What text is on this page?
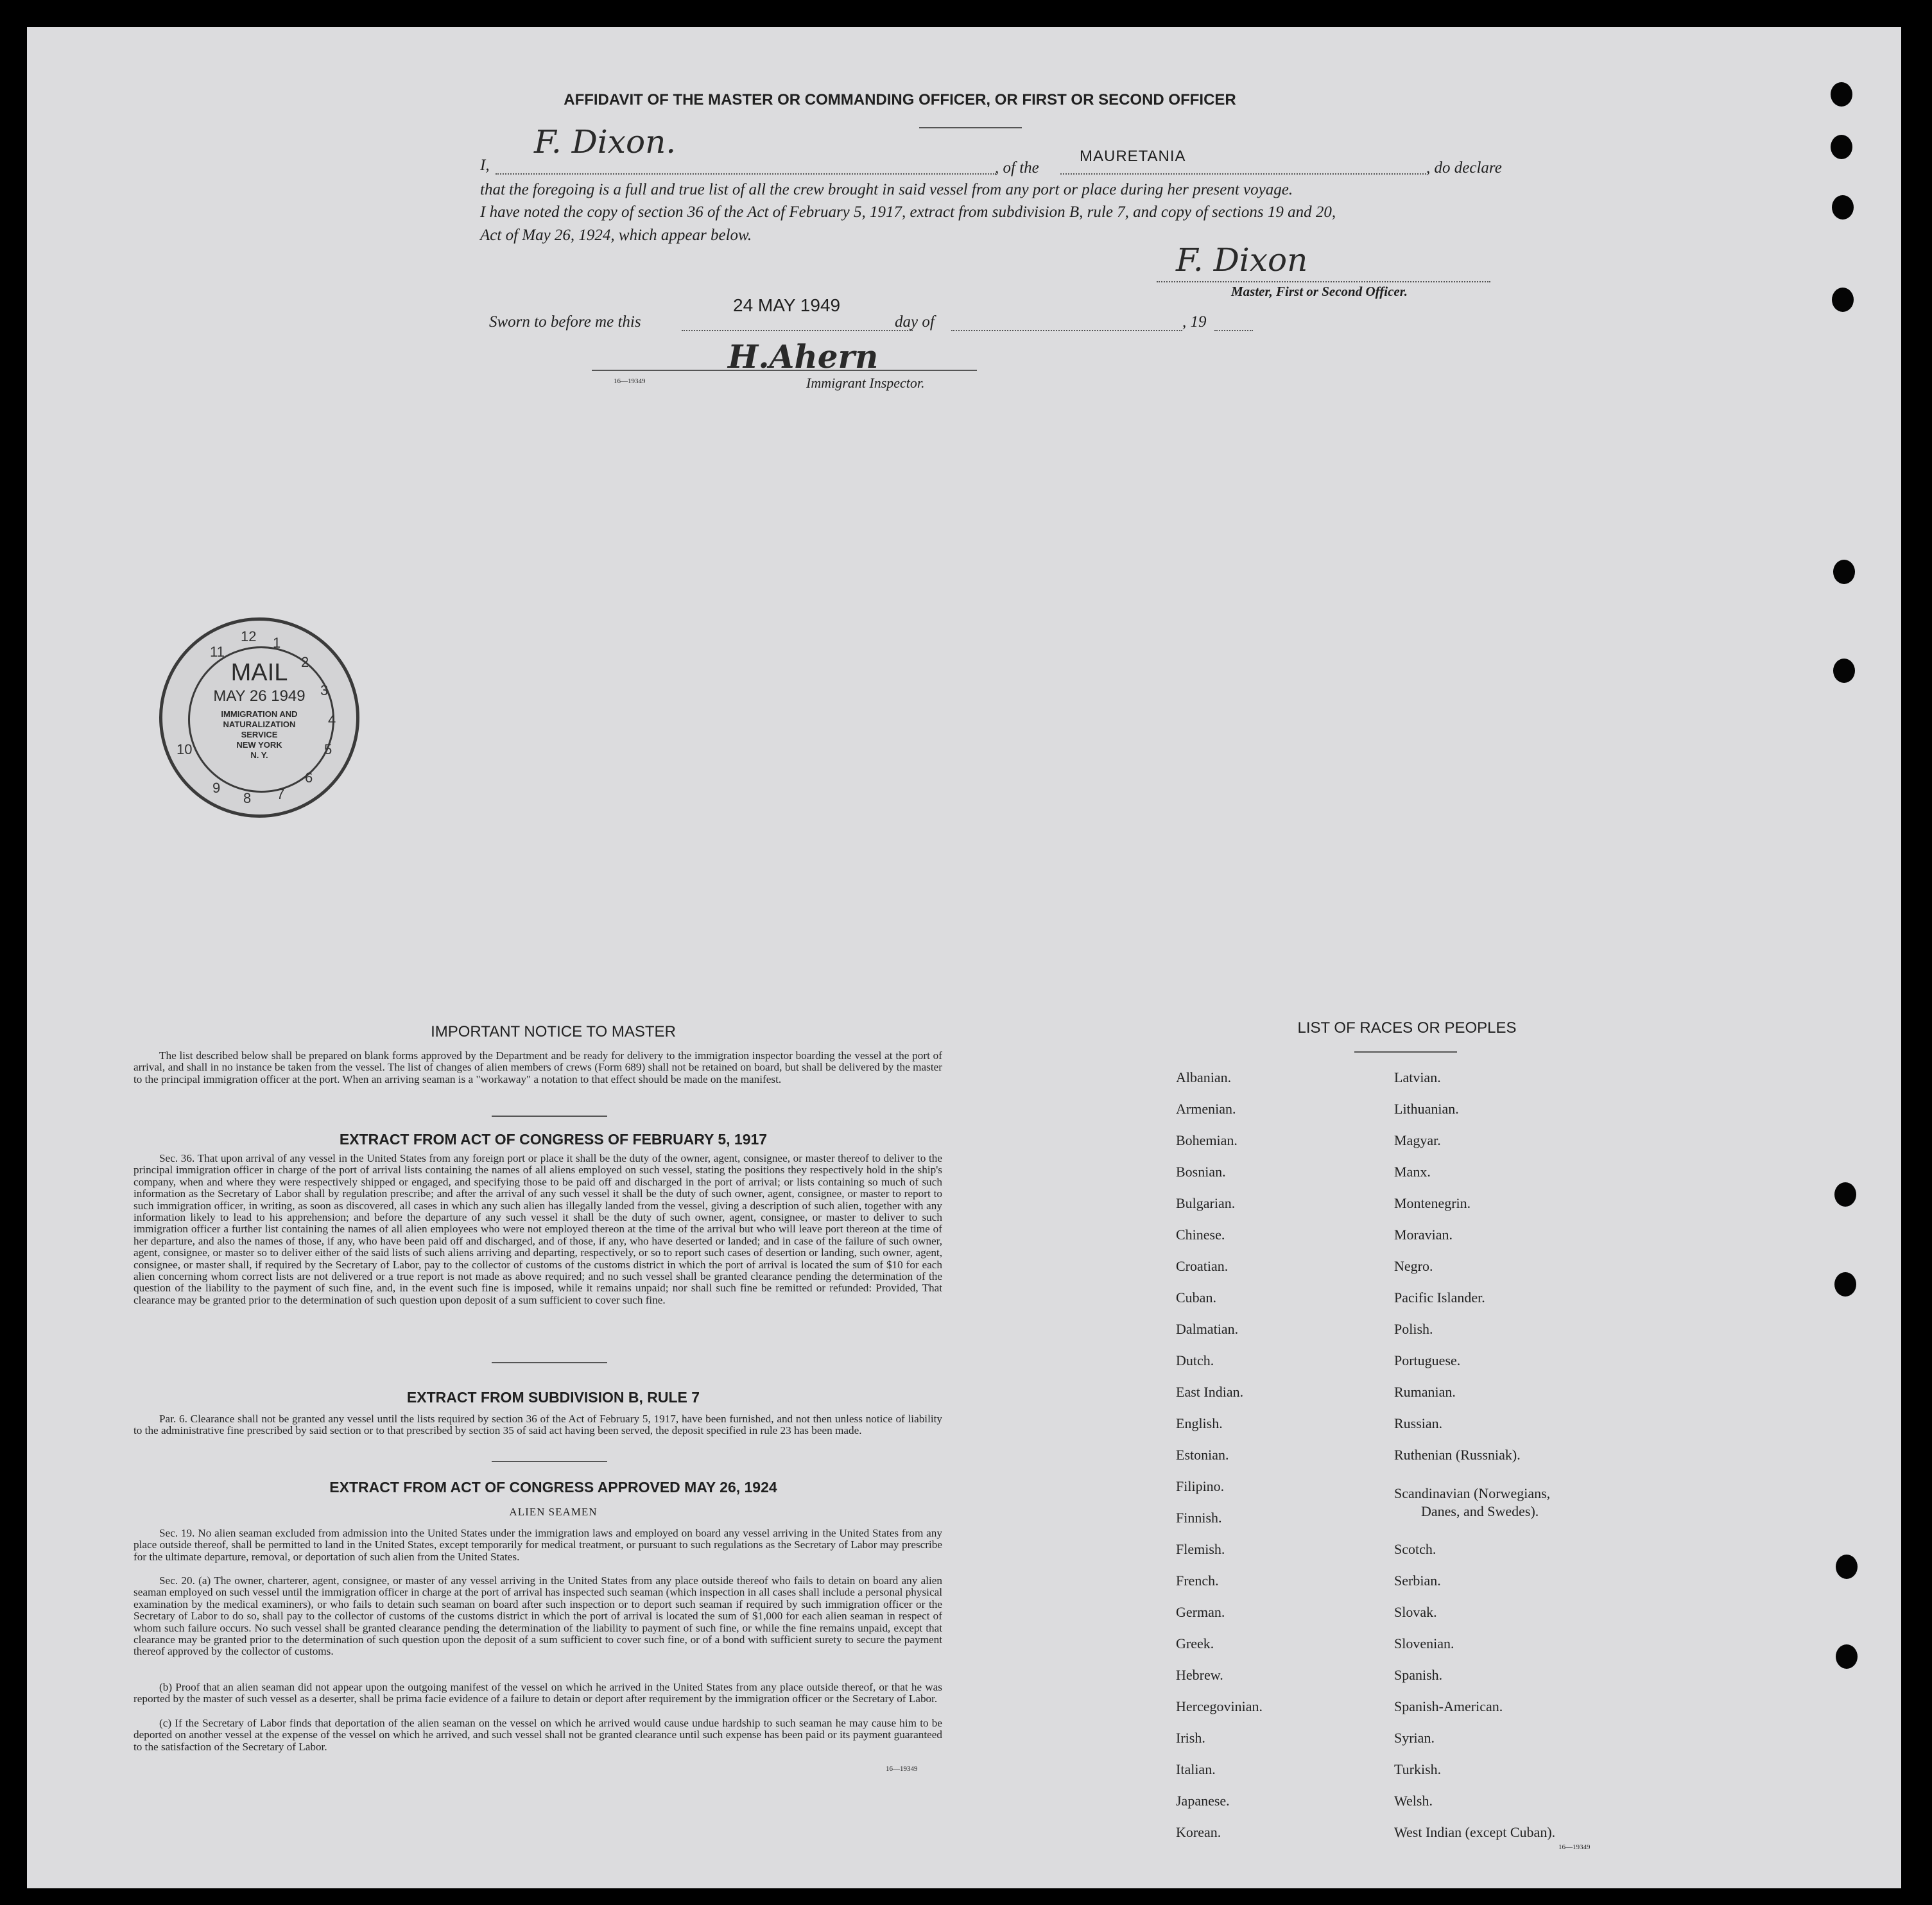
AFFIDAVIT OF THE MASTER OR COMMANDING OFFICER, OR FIRST OR SECOND OFFICER
I,
F. Dixon.
, of the
MAURETANIA
, do declare
that the foregoing is a full and true list of all the crew brought in said vessel from any port or place during her present voyage.
I have noted the copy of section 36 of the Act of February 5, 1917, extract from subdivision B, rule 7, and copy of sections 19 and 20,
Act of May 26, 1924, which appear below.
F. Dixon
Master, First or Second Officer.
Sworn to before me this
24 MAY 1949
day of	, 19
H.Ahern
16—19349	Immigrant Inspector.
12 1
2
3
4
5
6
7
8
9
10
11
MAIL
MAY 26 1949
IMMIGRATION AND
NATURALIZATION
SERVICE
NEW YORK
N. Y.
IMPORTANT NOTICE TO MASTER
The list described below shall be prepared on blank forms approved by the Department and be ready for delivery to the immigration inspector boarding the vessel at the port of arrival, and shall in no instance be taken from the vessel. The list of changes of alien members of crews (Form 689) shall not be retained on board, but shall be delivered by the master to the principal immigration officer at the port. When an arriving seaman is a "workaway" a notation to that effect should be made on the manifest.
EXTRACT FROM ACT OF CONGRESS OF FEBRUARY 5, 1917
Sec. 36. That upon arrival of any vessel in the United States from any foreign port or place it shall be the duty of the owner, agent, consignee, or master thereof to deliver to the principal immigration officer in charge of the port of arrival lists containing the names of all aliens employed on such vessel, stating the positions they respectively hold in the ship's company, when and where they were respectively shipped or engaged, and specifying those to be paid off and discharged in the port of arrival; or lists containing so much of such information as the Secretary of Labor shall by regulation prescribe; and after the arrival of any such vessel it shall be the duty of such owner, agent, consignee, or master to report to such immigration officer, in writing, as soon as discovered, all cases in which any such alien has illegally landed from the vessel, giving a description of such alien, together with any information likely to lead to his apprehension; and before the departure of any such vessel it shall be the duty of such owner, agent, consignee, or master to deliver to such immigration officer a further list containing the names of all alien employees who were not employed thereon at the time of the arrival but who will leave port thereon at the time of her departure, and also the names of those, if any, who have been paid off and discharged, and of those, if any, who have deserted or landed; and in case of the failure of such owner, agent, consignee, or master so to deliver either of the said lists of such aliens arriving and departing, respectively, or so to report such cases of desertion or landing, such owner, agent, consignee, or master shall, if required by the Secretary of Labor, pay to the collector of customs of the customs district in which the port of arrival is located the sum of $10 for each alien concerning whom correct lists are not delivered or a true report is not made as above required; and no such vessel shall be granted clearance pending the determination of the question of the liability to the payment of such fine, and, in the event such fine is imposed, while it remains unpaid; nor shall such fine be remitted or refunded: Provided, That clearance may be granted prior to the determination of such question upon deposit of a sum sufficient to cover such fine.
EXTRACT FROM SUBDIVISION B, RULE 7
Par. 6. Clearance shall not be granted any vessel until the lists required by section 36 of the Act of February 5, 1917, have been furnished, and not then unless notice of liability to the administrative fine prescribed by said section or to that prescribed by section 35 of said act having been served, the deposit specified in rule 23 has been made.
EXTRACT FROM ACT OF CONGRESS APPROVED MAY 26, 1924
ALIEN SEAMEN
Sec. 19. No alien seaman excluded from admission into the United States under the immigration laws and employed on board any vessel arriving in the United States from any place outside thereof, shall be permitted to land in the United States, except temporarily for medical treatment, or pursuant to such regulations as the Secretary of Labor may prescribe for the ultimate departure, removal, or deportation of such alien from the United States.
Sec. 20. (a) The owner, charterer, agent, consignee, or master of any vessel arriving in the United States from any place outside thereof who fails to detain on board any alien seaman employed on such vessel until the immigration officer in charge at the port of arrival has inspected such seaman (which inspection in all cases shall include a personal physical examination by the medical examiners), or who fails to detain such seaman on board after such inspection or to deport such seaman if required by such immigration officer or the Secretary of Labor to do so, shall pay to the collector of customs of the customs district in which the port of arrival is located the sum of $1,000 for each alien seaman in respect of whom such failure occurs. No such vessel shall be granted clearance pending the determination of the liability to payment of such fine, or while the fine remains unpaid, except that clearance may be granted prior to the determination of such question upon the deposit of a sum sufficient to cover such fine, or of a bond with sufficient surety to secure the payment thereof approved by the collector of customs.
(b) Proof that an alien seaman did not appear upon the outgoing manifest of the vessel on which he arrived in the United States from any place outside thereof, or that he was reported by the master of such vessel as a deserter, shall be prima facie evidence of a failure to detain or deport after requirement by the immigration officer or the Secretary of Labor.
(c) If the Secretary of Labor finds that deportation of the alien seaman on the vessel on which he arrived would cause undue hardship to such seaman he may cause him to be deported on another vessel at the expense of the vessel on which he arrived, and such vessel shall not be granted clearance until such expense has been paid or its payment guaranteed to the satisfaction of the Secretary of Labor.
16—19349
LIST OF RACES OR PEOPLES
Albanian.
Armenian.
Bohemian.
Bosnian.
Bulgarian.
Chinese.
Croatian.
Cuban.
Dalmatian.
Dutch.
East Indian.
English.
Estonian.
Filipino.
Finnish.
Flemish.
French.
German.
Greek.
Hebrew.
Hercegovinian.
Irish.
Italian.
Japanese.
Korean.
Latvian.
Lithuanian.
Magyar.
Manx.
Montenegrin.
Moravian.
Negro.
Pacific Islander.
Polish.
Portuguese.
Rumanian.
Russian.
Ruthenian (Russniak).
Scandinavian (Norwegians,
Danes, and Swedes).
Scotch.
Serbian.
Slovak.
Slovenian.
Spanish.
Spanish-American.
Syrian.
Turkish.
Welsh.
West Indian (except Cuban).
16—19349
